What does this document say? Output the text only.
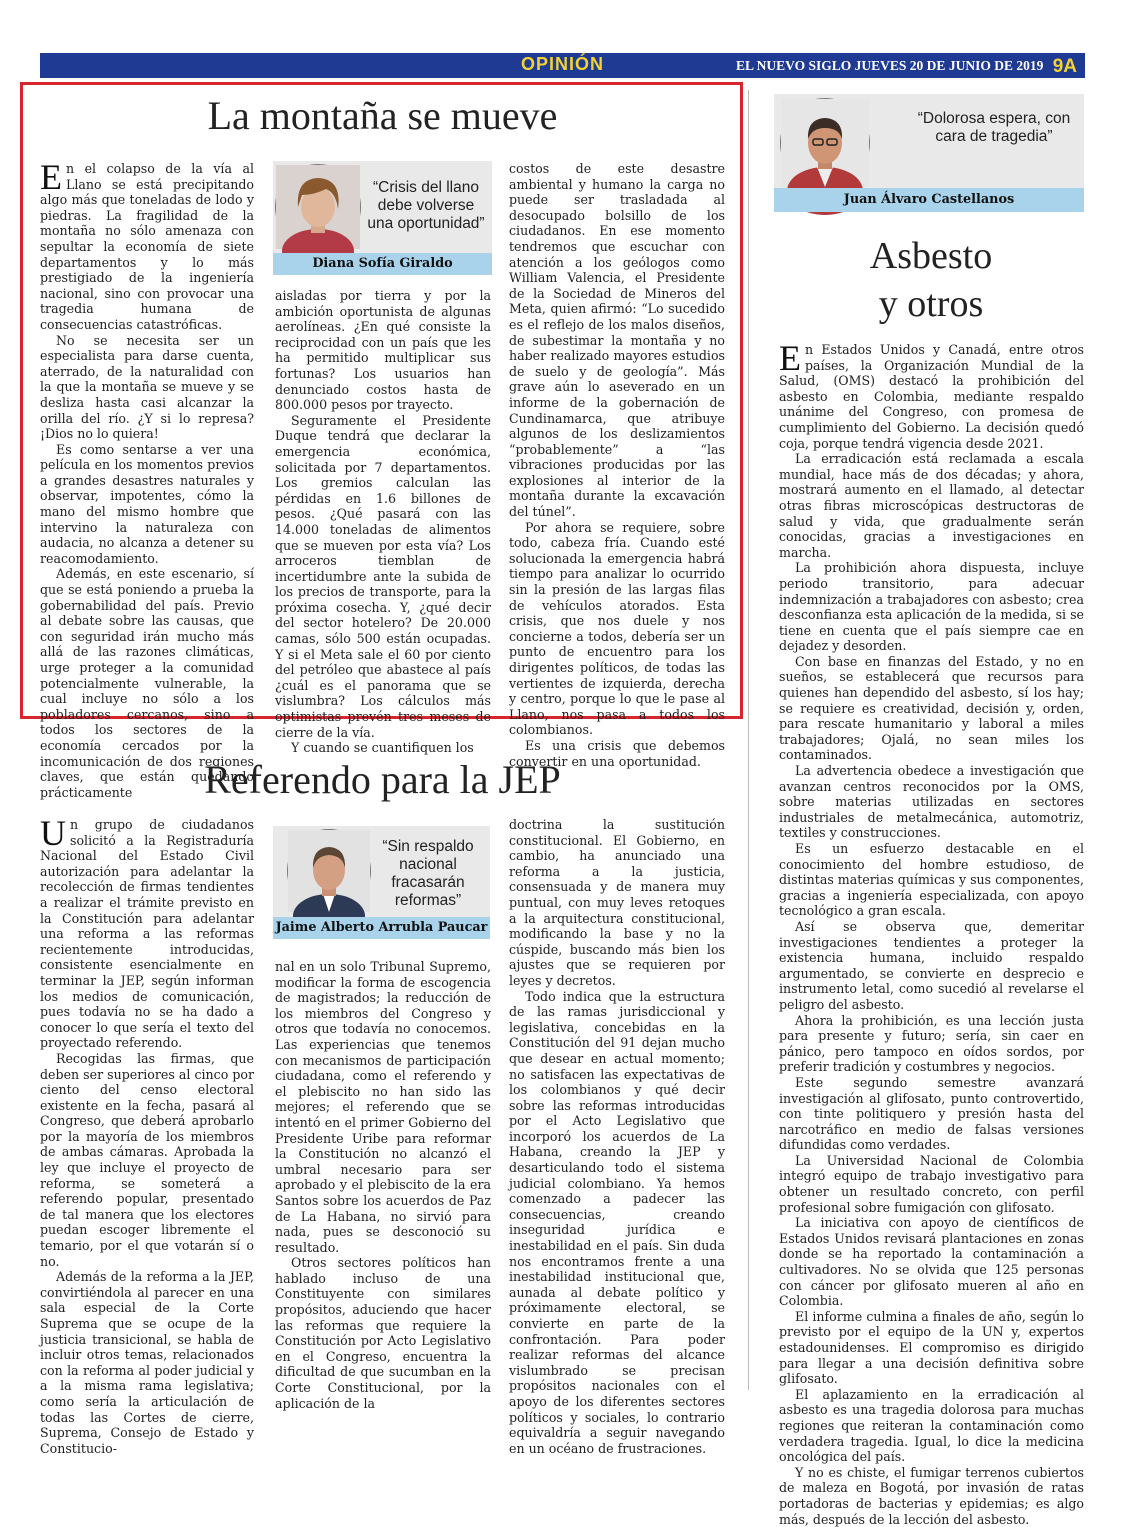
OPINIÓN	EL NUEVO SIGLO JUEVES 20 DE JUNIO DE 2019 9A
La montaña se mueve

En el colapso de la vía al Llano se está precipitando algo más que toneladas de lodo y piedras. La fragilidad de la montaña no sólo amenaza con sepultar la economía de siete departamentos y lo más prestigiado de la ingeniería nacional, sino con provocar una tragedia humana de consecuencias catastróficas.

No se necesita ser un especialista para darse cuenta, aterrado, de la naturalidad con la que la montaña se mueve y se desliza hasta casi alcanzar la orilla del río. ¿Y si lo represa? ¡Dios no lo quiera!

Es como sentarse a ver una película en los momentos previos a grandes desastres naturales y observar, impotentes, cómo la mano del mismo hombre que intervino la naturaleza con audacia, no alcanza a detener su reacomodamiento.

Además, en este escenario, sí que se está poniendo a prueba la gobernabilidad del país. Previo al debate sobre las causas, que con seguridad irán mucho más allá de las razones climáticas, urge proteger a la comunidad potencialmente vulnerable, la cual incluye no sólo a los pobladores cercanos, sino a todos los sectores de la economía cercados por la incomunicación de dos regiones claves, que están quedando prácticamente

“Crisis del llano debe volverse una oportunidad”
Diana Sofía Giraldo

aisladas por tierra y por la ambición oportunista de algunas aerolíneas. ¿En qué consiste la reciprocidad con un país que les ha permitido multiplicar sus fortunas? Los usuarios han denunciado costos hasta de 800.000 pesos por trayecto.

Seguramente el Presidente Duque tendrá que declarar la emergencia económica, solicitada por 7 departamentos. Los gremios calculan las pérdidas en 1.6 billones de pesos. ¿Qué pasará con las 14.000 toneladas de alimentos que se mueven por esta vía? Los arroceros tiemblan de incertidumbre ante la subida de los precios de transporte, para la próxima cosecha. Y, ¿qué decir del sector hotelero? De 20.000 camas, sólo 500 están ocupadas. Y si el Meta sale el 60 por ciento del petróleo que abastece al país ¿cuál es el panorama que se vislumbra? Los cálculos más optimistas prevén tres meses de cierre de la vía.

Y cuando se cuantifiquen los

costos de este desastre ambiental y humano la carga no puede ser trasladada al desocupado bolsillo de los ciudadanos. En ese momento tendremos que escuchar con atención a los geólogos como William Valencia, el Presidente de la Sociedad de Mineros del Meta, quien afirmó: “Lo sucedido es el reflejo de los malos diseños, de subestimar la montaña y no haber realizado mayores estudios de suelo y de geología”. Más grave aún lo aseverado en un informe de la gobernación de Cundinamarca, que atribuye algunos de los deslizamientos “probablemente” a “las vibraciones producidas por las explosiones al interior de la montaña durante la excavación del túnel”.

Por ahora se requiere, sobre todo, cabeza fría. Cuando esté solucionada la emergencia habrá tiempo para analizar lo ocurrido sin la presión de las largas filas de vehículos atorados. Esta crisis, que nos duele y nos concierne a todos, debería ser un punto de encuentro para los dirigentes políticos, de todas las vertientes de izquierda, derecha y centro, porque lo que le pase al Llano, nos pasa a todos los colombianos.

Es una crisis que debemos convertir en una oportunidad.

Referendo para la JEP

Un grupo de ciudadanos solicitó a la Registraduría Nacional del Estado Civil autorización para adelantar la recolección de firmas tendientes a realizar el trámite previsto en la Constitución para adelantar una reforma a las reformas recientemente introducidas, consistente esencialmente en terminar la JEP, según informan los medios de comunicación, pues todavía no se ha dado a conocer lo que sería el texto del proyectado referendo.

Recogidas las firmas, que deben ser superiores al cinco por ciento del censo electoral existente en la fecha, pasará al Congreso, que deberá aprobarlo por la mayoría de los miembros de ambas cámaras. Aprobada la ley que incluye el proyecto de reforma, se someterá a referendo popular, presentado de tal manera que los electores puedan escoger libremente el temario, por el que votarán sí o no.

Además de la reforma a la JEP, convirtiéndola al parecer en una sala especial de la Corte Suprema que se ocupe de la justicia transicional, se habla de incluir otros temas, relacionados con la reforma al poder judicial y a la misma rama legislativa; como sería la articulación de todas las Cortes de cierre, Suprema, Consejo de Estado y Constitucio-

“Sin respaldo nacional fracasarán reformas”
Jaime Alberto Arrubla Paucar

nal en un solo Tribunal Supremo, modificar la forma de escogencia de magistrados; la reducción de los miembros del Congreso y otros que todavía no conocemos. Las experiencias que tenemos con mecanismos de participación ciudadana, como el referendo y el plebiscito no han sido las mejores; el referendo que se intentó en el primer Gobierno del Presidente Uribe para reformar la Constitución no alcanzó el umbral necesario para ser aprobado y el plebiscito de la era Santos sobre los acuerdos de Paz de La Habana, no sirvió para nada, pues se desconoció su resultado.

Otros sectores políticos han hablado incluso de una Constituyente con similares propósitos, aduciendo que hacer las reformas que requiere la Constitución por Acto Legislativo en el Congreso, encuentra la dificultad de que sucumban en la Corte Constitucional, por la aplicación de la

doctrina la sustitución constitucional. El Gobierno, en cambio, ha anunciado una reforma a la justicia, consensuada y de manera muy puntual, con muy leves retoques a la arquitectura constitucional, modificando la base y no la cúspide, buscando más bien los ajustes que se requieren por leyes y decretos.

Todo indica que la estructura de las ramas jurisdiccional y legislativa, concebidas en la Constitución del 91 dejan mucho que desear en actual momento; no satisfacen las expectativas de los colombianos y qué decir sobre las reformas introducidas por el Acto Legislativo que incorporó los acuerdos de La Habana, creando la JEP y desarticulando todo el sistema judicial colombiano. Ya hemos comenzado a padecer las consecuencias, creando inseguridad jurídica e inestabilidad en el país. Sin duda nos encontramos frente a una inestabilidad institucional que, aunada al debate político y próximamente electoral, se convierte en parte de la confrontación. Para poder realizar reformas del alcance vislumbrado se precisan propósitos nacionales con el apoyo de los diferentes sectores políticos y sociales, lo contrario equivaldría a seguir navegando en un océano de frustraciones.

“Dolorosa espera, con cara de tragedia”
Juan Álvaro Castellanos
Asbesto
y otros

En Estados Unidos y Canadá, entre otros países, la Organización Mundial de la Salud, (OMS) destacó la prohibición del asbesto en Colombia, mediante respaldo unánime del Congreso, con promesa de cumplimiento del Gobierno. La decisión quedó coja, porque tendrá vigencia desde 2021.

La erradicación está reclamada a escala mundial, hace más de dos décadas; y ahora, mostrará aumento en el llamado, al detectar otras fibras microscópicas destructoras de salud y vida, que gradualmente serán conocidas, gracias a investigaciones en marcha.

La prohibición ahora dispuesta, incluye periodo transitorio, para adecuar indemnización a trabajadores con asbesto; crea desconfianza esta aplicación de la medida, si se tiene en cuenta que el país siempre cae en dejadez y desorden.

Con base en finanzas del Estado, y no en sueños, se establecerá que recursos para quienes han dependido del asbesto, sí los hay; se requiere es creatividad, decisión y, orden, para rescate humanitario y laboral a miles trabajadores; Ojalá, no sean miles los contaminados.

La advertencia obedece a investigación que avanzan centros reconocidos por la OMS, sobre materias utilizadas en sectores industriales de metalmecánica, automotriz, textiles y construcciones.

Es un esfuerzo destacable en el conocimiento del hombre estudioso, de distintas materias químicas y sus componentes, gracias a ingeniería especializada, con apoyo tecnológico a gran escala.

Así se observa que, demeritar investigaciones tendientes a proteger la existencia humana, incluido respaldo argumentado, se convierte en desprecio e instrumento letal, como sucedió al revelarse el peligro del asbesto.

Ahora la prohibición, es una lección justa para presente y futuro; sería, sin caer en pánico, pero tampoco en oídos sordos, por preferir tradición y costumbres y negocios.

Este segundo semestre avanzará investigación al glifosato, punto controvertido, con tinte politiquero y presión hasta del narcotráfico en medio de falsas versiones difundidas como verdades.

La Universidad Nacional de Colombia integró equipo de trabajo investigativo para obtener un resultado concreto, con perfil profesional sobre fumigación con glifosato.

La iniciativa con apoyo de científicos de Estados Unidos revisará plantaciones en zonas donde se ha reportado la contaminación a cultivadores. No se olvida que 125 personas con cáncer por glifosato mueren al año en Colombia.

El informe culmina a finales de año, según lo previsto por el equipo de la UN y, expertos estadounidenses. El compromiso es dirigido para llegar a una decisión definitiva sobre glifosato.

El aplazamiento en la erradicación al asbesto es una tragedia dolorosa para muchas regiones que reiteran la contaminación como verdadera tragedia. Igual, lo dice la medicina oncológica del país.

Y no es chiste, el fumigar terrenos cubiertos de maleza en Bogotá, por invasión de ratas portadoras de bacterias y epidemias; es algo más, después de la lección del asbesto.
